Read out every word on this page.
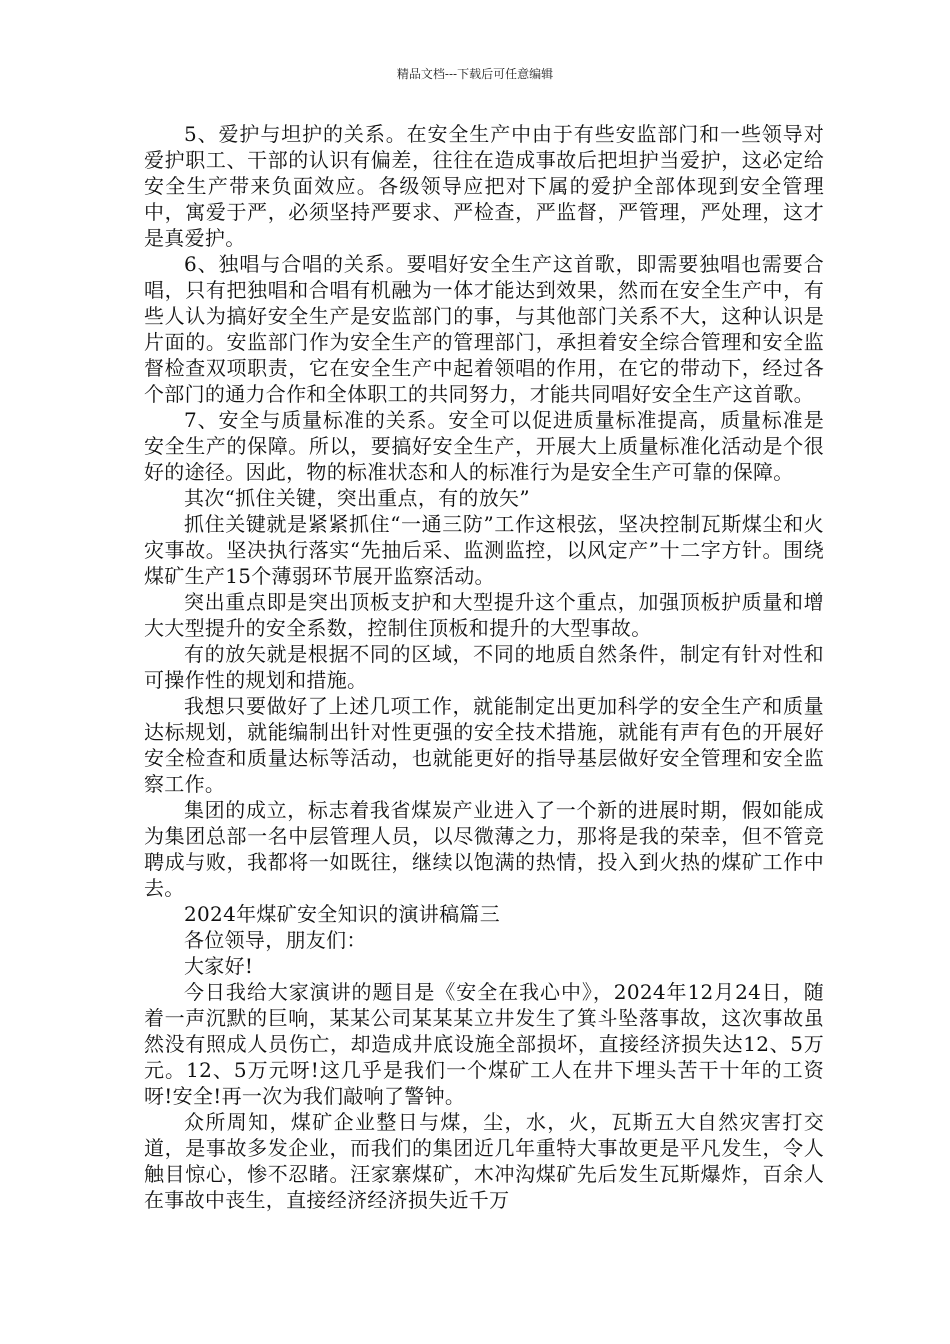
精品文档---下载后可任意编辑

5、爱护与坦护的关系。在安全生产中由于有些安监部门和一些领导对爱护职工、干部的认识有偏差，往往在造成事故后把坦护当爱护，这必定给安全生产带来负面效应。各级领导应把对下属的爱护全部体现到安全管理中，寓爱于严，必须坚持严要求、严检查，严监督，严管理，严处理，这才是真爱护。

6、独唱与合唱的关系。要唱好安全生产这首歌，即需要独唱也需要合唱，只有把独唱和合唱有机融为一体才能达到效果，然而在安全生产中，有些人认为搞好安全生产是安监部门的事，与其他部门关系不大，这种认识是片面的。安监部门作为安全生产的管理部门，承担着安全综合管理和安全监督检查双项职责，它在安全生产中起着领唱的作用，在它的带动下，经过各个部门的通力合作和全体职工的共同努力，才能共同唱好安全生产这首歌。

7、安全与质量标准的关系。安全可以促进质量标准提高，质量标准是安全生产的保障。所以，要搞好安全生产，开展大上质量标准化活动是个很好的途径。因此，物的标准状态和人的标准行为是安全生产可靠的保障。

其次“抓住关键，突出重点，有的放矢”

抓住关键就是紧紧抓住“一通三防”工作这根弦，坚决控制瓦斯煤尘和火灾事故。坚决执行落实“先抽后采、监测监控，以风定产”十二字方针。围绕煤矿生产15个薄弱环节展开监察活动。

突出重点即是突出顶板支护和大型提升这个重点，加强顶板护质量和增大大型提升的安全系数，控制住顶板和提升的大型事故。

有的放矢就是根据不同的区域，不同的地质自然条件，制定有针对性和可操作性的规划和措施。

我想只要做好了上述几项工作，就能制定出更加科学的安全生产和质量达标规划，就能编制出针对性更强的安全技术措施，就能有声有色的开展好安全检查和质量达标等活动，也就能更好的指导基层做好安全管理和安全监察工作。

集团的成立，标志着我省煤炭产业进入了一个新的进展时期，假如能成为集团总部一名中层管理人员，以尽微薄之力，那将是我的荣幸，但不管竞聘成与败，我都将一如既往，继续以饱满的热情，投入到火热的煤矿工作中去。

2024年煤矿安全知识的演讲稿篇三

各位领导，朋友们：

大家好!

今日我给大家演讲的题目是《安全在我心中》，2024年12月24日，随着一声沉默的巨响，某某公司某某某立井发生了箕斗坠落事故，这次事故虽然没有照成人员伤亡，却造成井底设施全部损坏，直接经济损失达12、5万元。12、5万元呀!这几乎是我们一个煤矿工人在井下埋头苦干十年的工资呀!安全!再一次为我们敲响了警钟。

众所周知，煤矿企业整日与煤，尘，水，火，瓦斯五大自然灾害打交道，是事故多发企业，而我们的集团近几年重特大事故更是平凡发生，令人触目惊心，惨不忍睹。汪家寨煤矿，木冲沟煤矿先后发生瓦斯爆炸，百余人在事故中丧生，直接经济经济损失近千万
